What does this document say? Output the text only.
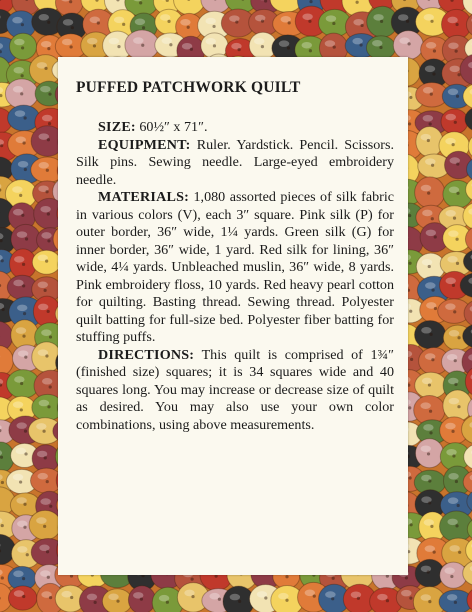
PUFFED PATCHWORK QUILT

SIZE: 60½″ x 71″.

EQUIPMENT: Ruler. Yardstick. Pencil. Scissors. Silk pins. Sewing needle. Large-eyed embroidery needle.

MATERIALS: 1,080 assorted pieces of silk fabric in various colors (V), each 3″ square. Pink silk (P) for outer border, 36″ wide, 1¼ yards. Green silk (G) for inner border, 36″ wide, 1 yard. Red silk for lining, 36″ wide, 4¼ yards. Unbleached muslin, 36″ wide, 8 yards. Pink embroidery floss, 10 yards. Red heavy pearl cotton for quilting. Basting thread. Sewing thread. Polyester quilt batting for full-size bed. Polyester fiber batting for stuffing puffs.

DIRECTIONS: This quilt is comprised of 1¾″ (finished size) squares; it is 34 squares wide and 40 squares long. You may increase or decrease size of quilt as desired. You may also use your own color combinations, using above measurements.
